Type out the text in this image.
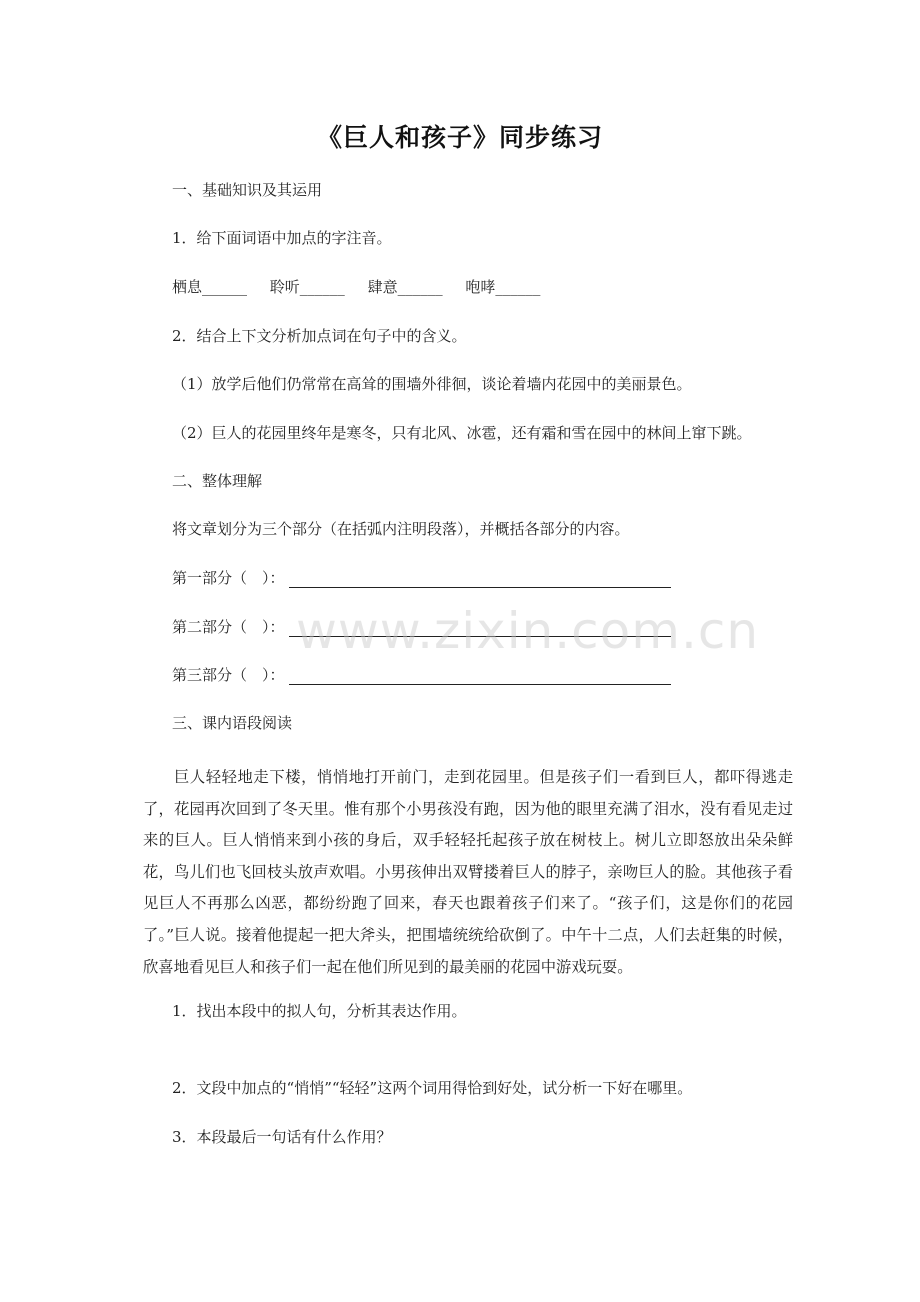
《巨人和孩子》同步练习
一、基础知识及其运用
1．给下面词语中加点的字注音。
栖息______ 聆听______ 肆意______ 咆哮______
2．结合上下文分析加点词在句子中的含义。
（1）放学后他们仍常常在高耸的围墙外徘徊，谈论着墙内花园中的美丽景色。
（2）巨人的花园里终年是寒冬，只有北风、冰雹，还有霜和雪在园中的林间上窜下跳。
二、整体理解
将文章划分为三个部分（在括弧内注明段落），并概括各部分的内容。
第一部分（　）：
第二部分（　）：
第三部分（　）：
三、课内语段阅读
巨人轻轻地走下楼，悄悄地打开前门，走到花园里。但是孩子们一看到巨人，都吓得逃走了，花园再次回到了冬天里。惟有那个小男孩没有跑，因为他的眼里充满了泪水，没有看见走过来的巨人。巨人悄悄来到小孩的身后，双手轻轻托起孩子放在树枝上。树儿立即怒放出朵朵鲜花，鸟儿们也飞回枝头放声欢唱。小男孩伸出双臂搂着巨人的脖子，亲吻巨人的脸。其他孩子看见巨人不再那么凶恶，都纷纷跑了回来，春天也跟着孩子们来了。“孩子们，这是你们的花园了。”巨人说。接着他提起一把大斧头，把围墙统统给砍倒了。中午十二点，人们去赶集的时候，欣喜地看见巨人和孩子们一起在他们所见到的最美丽的花园中游戏玩耍。
1．找出本段中的拟人句，分析其表达作用。
2．文段中加点的“悄悄”“轻轻”这两个词用得恰到好处，试分析一下好在哪里。
3．本段最后一句话有什么作用？
www.zixin.com.cn
